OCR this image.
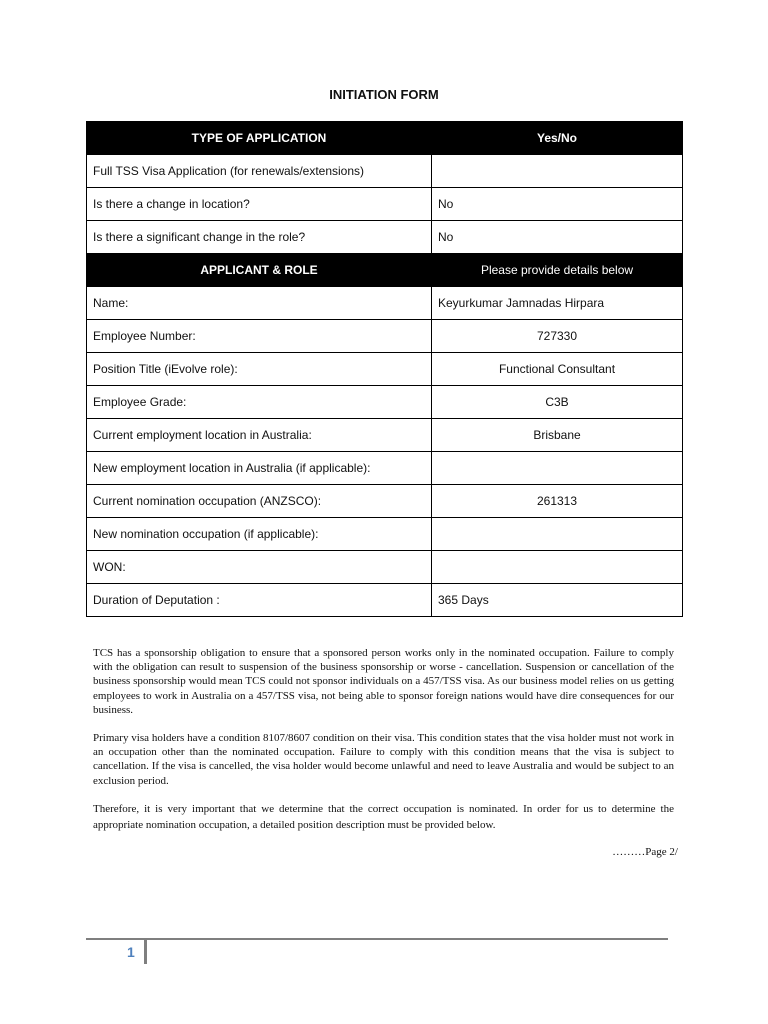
INITIATION FORM
TYPE OF APPLICATION	Yes/No
Full TSS Visa Application (for renewals/extensions)	
Is there a change in location?	No
Is there a significant change in the role?	No
APPLICANT & ROLE	Please provide details below
Name:	Keyurkumar Jamnadas Hirpara
Employee Number:	727330
Position Title (iEvolve role):	Functional Consultant
Employee Grade:	C3B
Current employment location in Australia:	Brisbane
New employment location in Australia (if applicable):	
Current nomination occupation (ANZSCO):	261313
New nomination occupation (if applicable):	
WON:	
Duration of Deputation :	365 Days

TCS has a sponsorship obligation to ensure that a sponsored person works only in the nominated occupation. Failure to comply with the obligation can result to suspension of the business sponsorship or worse - cancellation. Suspension or cancellation of the business sponsorship would mean TCS could not sponsor individuals on a 457/TSS visa. As our business model relies on us getting employees to work in Australia on a 457/TSS visa, not being able to sponsor foreign nations would have dire consequences for our business.

Primary visa holders have a condition 8107/8607 condition on their visa. This condition states that the visa holder must not work in an occupation other than the nominated occupation. Failure to comply with this condition means that the visa is subject to cancellation. If the visa is cancelled, the visa holder would become unlawful and need to leave Australia and would be subject to an exclusion period.

Therefore, it is very important that we determine that the correct occupation is nominated. In order for us to determine the appropriate nomination occupation, a detailed position description must be provided below.

………Page 2/
1
